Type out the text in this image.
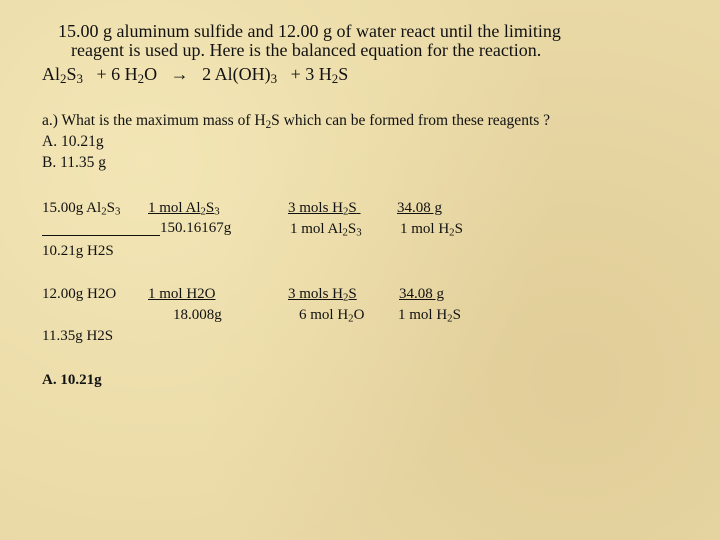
15.00 g aluminum sulfide and 12.00 g of water react until the limiting
reagent is used up. Here is the balanced equation for the reaction.
$Al_2S_3 + 6$ $H_2O \to 2$ $Al(OH)_3 + 3$ $H_2S$
a.) What is the maximum mass of $H_2S$ which can be formed from these reagents ?
A. 10.21g
B. 11.35 g
15.00g $Al_2S_3$ 1 mol $Al_2S_3$
150.16167g
3 mols $H_2S$
1 mol $Al_2S_3$
34.08 g
1 mol $H_2S$
10.21g H2S
12.00g H2O 1 mol H2O
18.008g
3 mols $H_2S$
6 mol $H_2O$
34.08 g
1 mol $H_2S$
11.35g H2S
A. 10.21g
